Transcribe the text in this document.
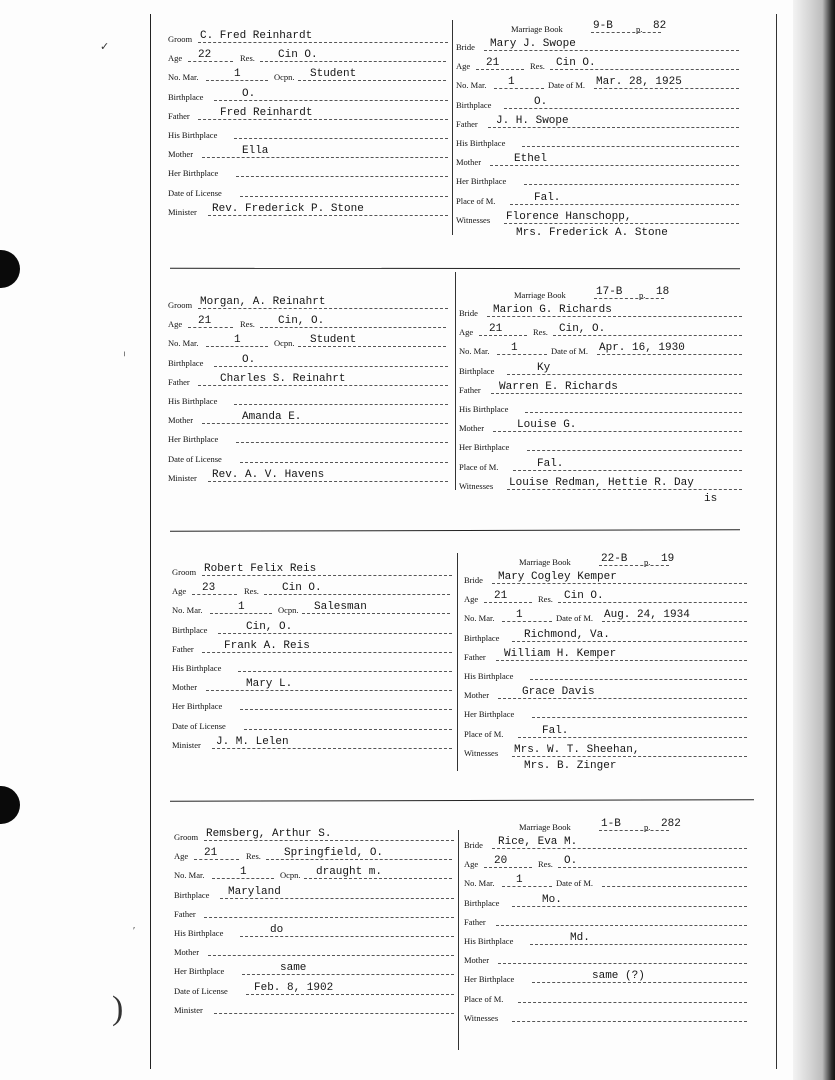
Marriage Book	9-B	p. 82
Groom C. Fred Reinhardt
Age 22	Res. Cin O.
No. Mar.	1	Ocpn. Student
Birthplace	O.
Father	Fred Reinhardt
His Birthplace
Mother	Ella
Her Birthplace
Date of License
Minister Rev. Frederick P. Stone
Bride Mary J. Swope
Age 21	Res. Cin O.
No. Mar. 1	Date of M. Mar. 28, 1925
Birthplace	O.
Father J. H. Swope
His Birthplace
Mother	Ethel
Her Birthplace
Place of M.	Fal.
Witnesses Florence Hanschopp,
Mrs. Frederick A. Stone
Marriage Book	17-B p. 18
Groom Morgan, A. Reinahrt
Age 21	Res. Cin, O.
No. Mar.	1	Ocpn. Student
Birthplace	O.
Father	Charles S. Reinahrt
His Birthplace
Mother	Amanda E.
Her Birthplace
Date of License
Minister Rev. A. V. Havens
Bride Marion G. Richards
Age 21	Res. Cin, O.
No. Mar. 1	Date of M. Apr. 16, 1930
Birthplace	Ky
Father Warren E. Richards
His Birthplace
Mother	Louise G.
Her Birthplace
Place of M.	Fal.
Witnesses Louise Redman, Hettie R. Day
is
Marriage Book	22-B p. 19
Groom Robert Felix Reis
Age 23	Res. Cin O.
No. Mar.	1	Ocpn. Salesman
Birthplace	Cin, O.
Father	Frank A. Reis
His Birthplace
Mother	Mary L.
Her Birthplace
Date of License
Minister J. M. Lelen
Bride Mary Cogley Kemper
Age 21	Res. Cin O.
No. Mar. 1	Date of M. Aug. 24, 1934
Birthplace Richmond, Va.
Father William H. Kemper
His Birthplace
Mother	Grace Davis
Her Birthplace
Place of M.	Fal.
Witnesses Mrs. W. T. Sheehan,
Mrs. B. Zinger
Marriage Book	1-B	p. 282
Groom Remsberg, Arthur S.
Age 21	Res. Springfield, O.
No. Mar.	1	Ocpn. draught m.
Birthplace Maryland
Father
His Birthplace	do
Mother
Her Birthplace	same
Date of License Feb. 8, 1902
Minister
Bride Rice, Eva M.
Age 20	Res. O.
No. Mar. 1	Date of M.
Birthplace	Mo.
Father
His Birthplace	Md.
Mother
Her Birthplace	same (?)
Place of M.
Witnesses
✓
╵
′
)
